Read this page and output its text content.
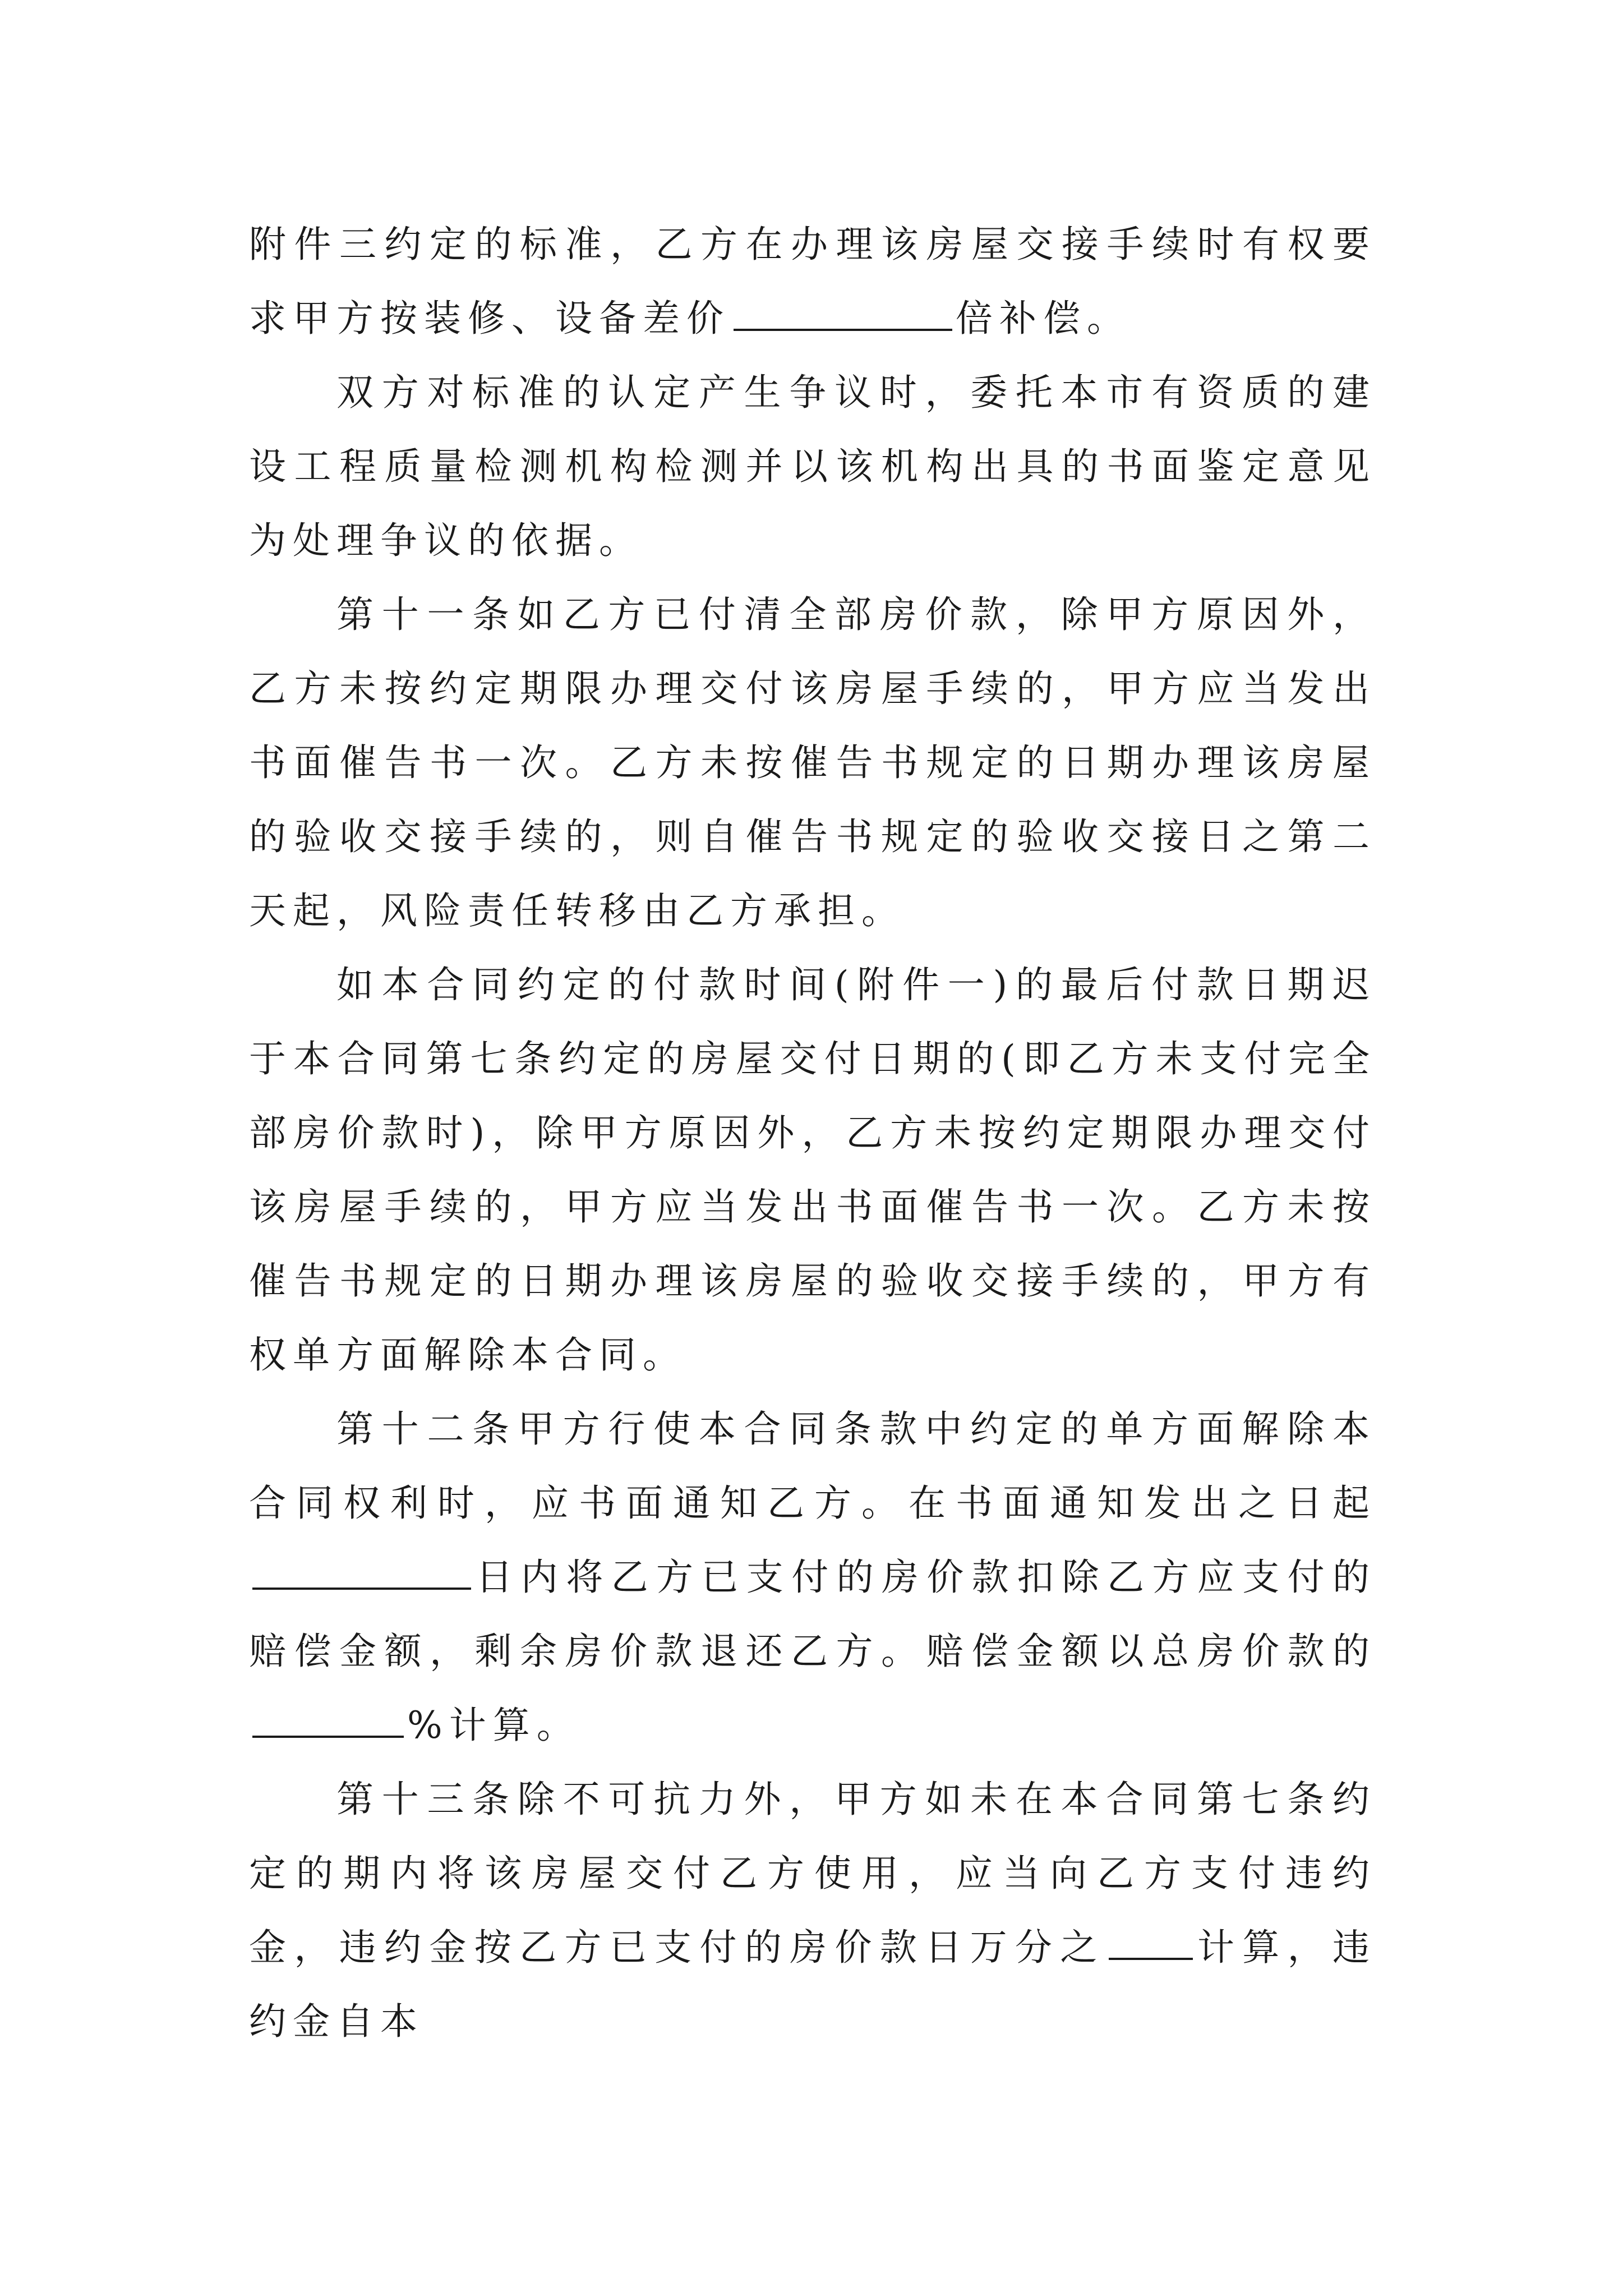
附件三约定的标准，乙方在办理该房屋交接手续时有权要求甲方按装修、设备差价	倍补偿。

双方对标准的认定产生争议时，委托本市有资质的建设工程质量检测机构检测并以该机构出具的书面鉴定意见为处理争议的依据。

第十一条如乙方已付清全部房价款，除甲方原因外，乙方未按约定期限办理交付该房屋手续的，甲方应当发出书面催告书一次。乙方未按催告书规定的日期办理该房屋的验收交接手续的，则自催告书规定的验收交接日之第二天起，风险责任转移由乙方承担。

如本合同约定的付款时间(附件一)的最后付款日期迟于本合同第七条约定的房屋交付日期的(即乙方未支付完全部房价款时)，除甲方原因外，乙方未按约定期限办理交付该房屋手续的，甲方应当发出书面催告书一次。乙方未按催告书规定的日期办理该房屋的验收交接手续的，甲方有权单方面解除本合同。

第十二条甲方行使本合同条款中约定的单方面解除本合同权利时，应书面通知乙方。在书面通知发出之日起日内将乙方已支付的房价款扣除乙方应支付的赔偿金额，剩余房价款退还乙方。赔偿金额以总房价款的%计算。

第十三条除不可抗力外，甲方如未在本合同第七条约定的期内将该房屋交付乙方使用，应当向乙方支付违约金，违约金按乙方已支付的房价款日万分之 计算，违约金自本
